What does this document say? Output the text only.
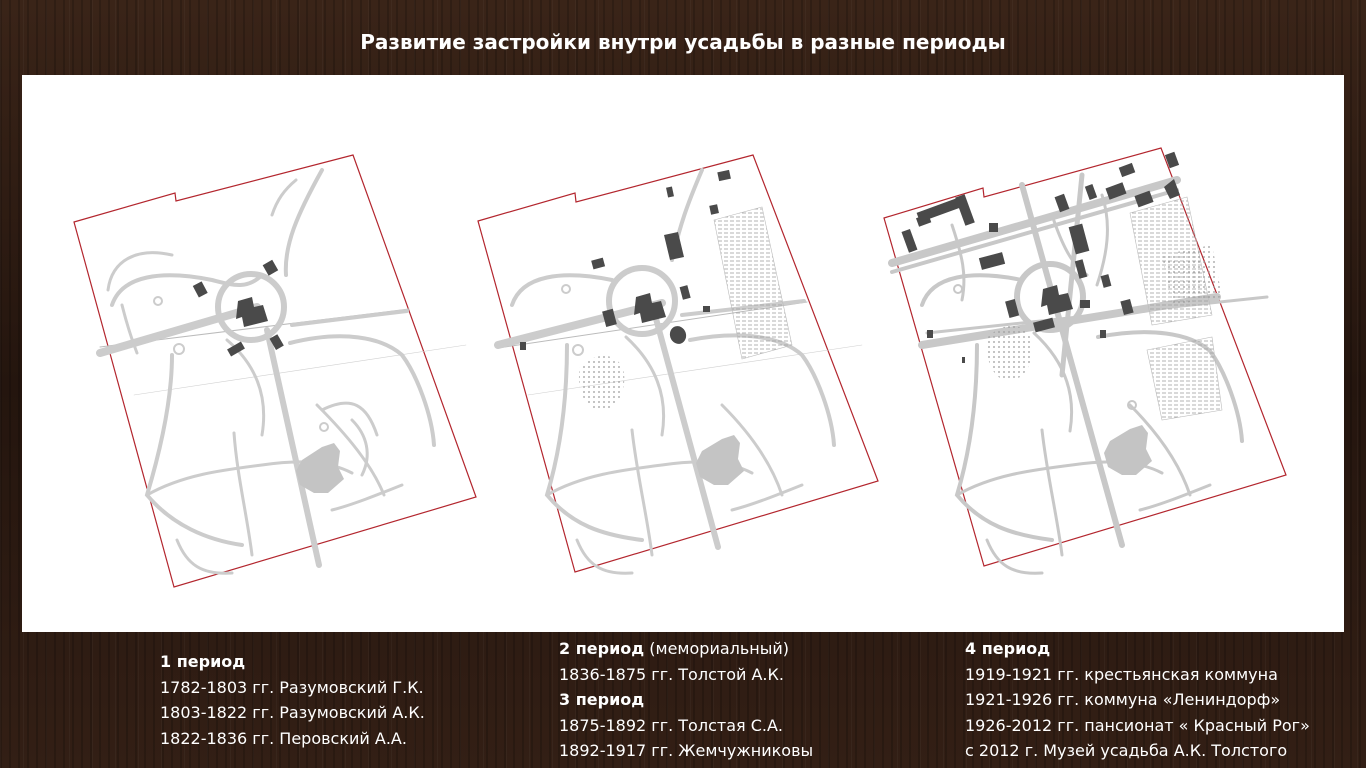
Развитие застройки внутри усадьбы в разные периоды
1 период
1782-1803 гг. Разумовский Г.К.
1803-1822 гг. Разумовский А.К.
1822-1836 гг. Перовский А.А.
2 период (мемориальный)
1836-1875 гг. Толстой А.К.
3 период
1875-1892 гг. Толстая С.А.
1892-1917 гг. Жемчужниковы
4 период
1919-1921 гг. крестьянская коммуна
1921-1926 гг. коммуна «Лениндорф»
1926-2012 гг. пансионат « Красный Рог»
с 2012 г. Музей усадьба А.К. Толстого
